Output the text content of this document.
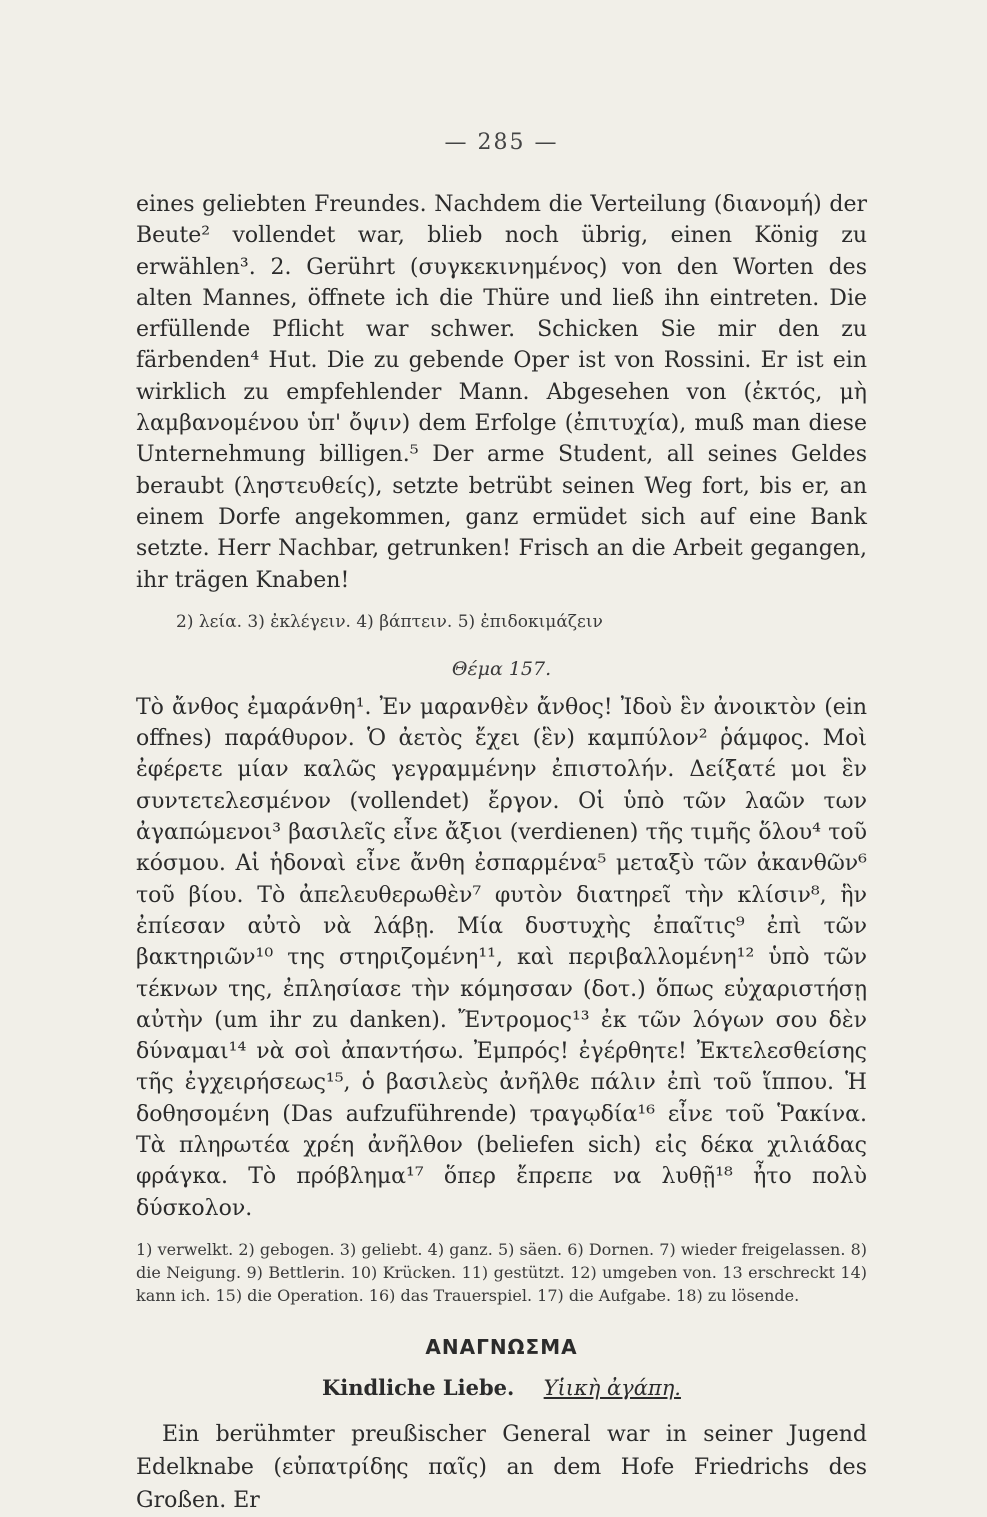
— 285 —

eines geliebten Freundes. Nachdem die Verteilung (διανομή) der Beute² vollendet war, blieb noch übrig, einen König zu erwählen³. 2. Gerührt (συγκεκινημένος) von den Worten des alten Mannes, öffnete ich die Thüre und ließ ihn eintreten. Die erfüllende Pflicht war schwer. Schicken Sie mir den zu färbenden⁴ Hut. Die zu gebende Oper ist von Rossini. Er ist ein wirklich zu empfehlender Mann. Abgesehen von (ἐκτός, μὴ λαμβανομένου ὑπ' ὄψιν) dem Erfolge (ἐπιτυχία), muß man diese Unternehmung billigen.⁵ Der arme Student, all seines Geldes beraubt (ληστευθείς), setzte betrübt seinen Weg fort, bis er, an einem Dorfe angekommen, ganz ermüdet sich auf eine Bank setzte. Herr Nachbar, getrunken! Frisch an die Arbeit gegangen, ihr trägen Knaben!

2) λεία. 3) ἐκλέγειν. 4) βάπτειν. 5) ἐπιδοκιμάζειν
Θέμα 157.

Τὸ ἄνθος ἐμαράνθη¹. Ἐν μαρανθὲν ἄνθος! Ἰδοὺ ἓν ἀνοικτὸν (ein offnes) παράθυρον. Ὁ ἀετὸς ἔχει (ἓν) καμπύλον² ῥάμφος. Μοὶ ἐφέρετε μίαν καλῶς γεγραμμένην ἐπιστολήν. Δείξατέ μοι ἓν συντετελεσμένον (vollendet) ἔργον. Οἱ ὑπὸ τῶν λαῶν των ἀγαπώμενοι³ βασιλεῖς εἶνε ἄξιοι (verdienen) τῆς τιμῆς ὅλου⁴ τοῦ κόσμου. Αἱ ἡδοναὶ εἶνε ἄνθη ἐσπαρμένα⁵ μεταξὺ τῶν ἀκανθῶν⁶ τοῦ βίου. Τὸ ἀπελευθερωθὲν⁷ φυτὸν διατηρεῖ τὴν κλίσιν⁸, ἣν ἐπίεσαν αὐτὸ νὰ λάβῃ. Μία δυστυχὴς ἐπαῖτις⁹ ἐπὶ τῶν βακτηριῶν¹⁰ της στηριζομένη¹¹, καὶ περιβαλλομένη¹² ὑπὸ τῶν τέκνων της, ἐπλησίασε τὴν κόμησσαν (δοτ.) ὅπως εὐχαριστήσῃ αὐτὴν (um ihr zu danken). Ἔντρομος¹³ ἐκ τῶν λόγων σου δὲν δύναμαι¹⁴ νὰ σοὶ ἀπαντήσω. Ἐμπρός! ἐγέρθητε! Ἐκτελεσθείσης τῆς ἐγχειρήσεως¹⁵, ὁ βασιλεὺς ἀνῆλθε πάλιν ἐπὶ τοῦ ἵππου. Ἡ δοθησομένη (Das aufzuführende) τραγῳδία¹⁶ εἶνε τοῦ Ῥακίνα. Τὰ πληρωτέα χρέη ἀνῆλθον (beliefen sich) εἰς δέκα χιλιάδας φράγκα. Τὸ πρόβλημα¹⁷ ὅπερ ἔπρεπε να λυθῇ¹⁸ ἦτο πολὺ δύσκολον.

1) verwelkt. 2) gebogen. 3) geliebt. 4) ganz. 5) säen. 6) Dornen. 7) wieder freigelassen. 8) die Neigung. 9) Bettlerin. 10) Krücken. 11) gestützt. 12) umgeben von. 13 erschreckt 14) kann ich. 15) die Operation. 16) das Trauerspiel. 17) die Aufgabe. 18) zu lösende.
ΑΝΑΓΝΩΣΜΑ
Kindliche Liebe. Υἱικὴ ἀγάπη.

Ein berühmter preußischer General war in seiner Jugend Edelknabe (εὐπατρίδης παῖς) an dem Hofe Friedrichs des Großen. Er
